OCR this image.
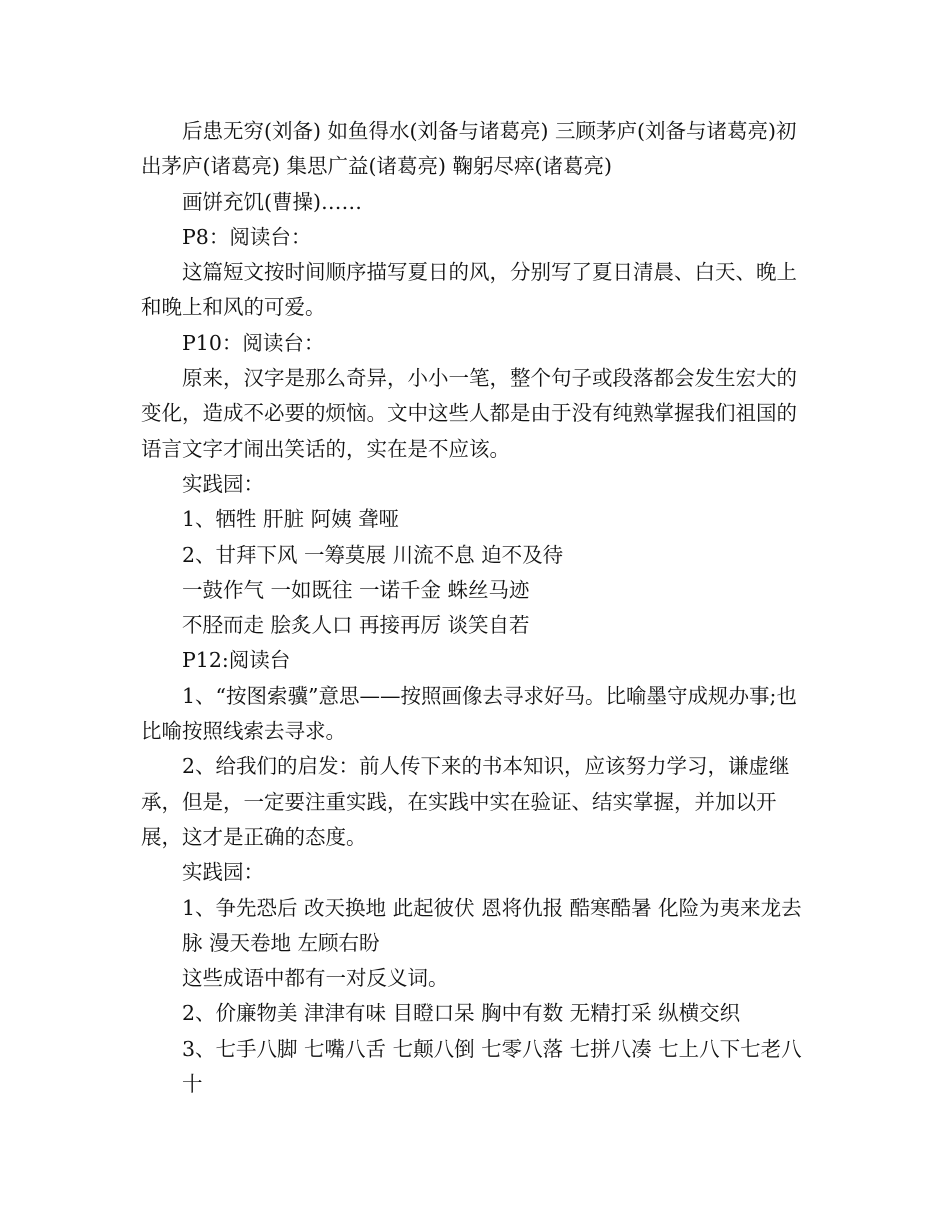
后患无穷(刘备) 如鱼得水(刘备与诸葛亮) 三顾茅庐(刘备与诸葛亮)初出茅庐(诸葛亮) 集思广益(诸葛亮) 鞠躬尽瘁(诸葛亮)

画饼充饥(曹操)……

P8：阅读台：

这篇短文按时间顺序描写夏日的风，分别写了夏日清晨、白天、晚上和晚上和风的可爱。

P10：阅读台：

原来，汉字是那么奇异，小小一笔，整个句子或段落都会发生宏大的变化，造成不必要的烦恼。文中这些人都是由于没有纯熟掌握我们祖国的语言文字才闹出笑话的，实在是不应该。

实践园：

1、牺牲 肝脏 阿姨 聋哑

2、甘拜下风 一筹莫展 川流不息 迫不及待

一鼓作气 一如既往 一诺千金 蛛丝马迹

不胫而走 脍炙人口 再接再厉 谈笑自若

P12:阅读台

1、“按图索骥”意思——按照画像去寻求好马。比喻墨守成规办事;也比喻按照线索去寻求。

2、给我们的启发：前人传下来的书本知识，应该努力学习，谦虚继承，但是，一定要注重实践，在实践中实在验证、结实掌握，并加以开展，这才是正确的态度。

实践园：

1、争先恐后 改天换地 此起彼伏 恩将仇报 酷寒酷暑 化险为夷来龙去脉 漫天卷地 左顾右盼

这些成语中都有一对反义词。

2、价廉物美 津津有味 目瞪口呆 胸中有数 无精打采 纵横交织

3、七手八脚 七嘴八舌 七颠八倒 七零八落 七拼八凑 七上八下七老八十
